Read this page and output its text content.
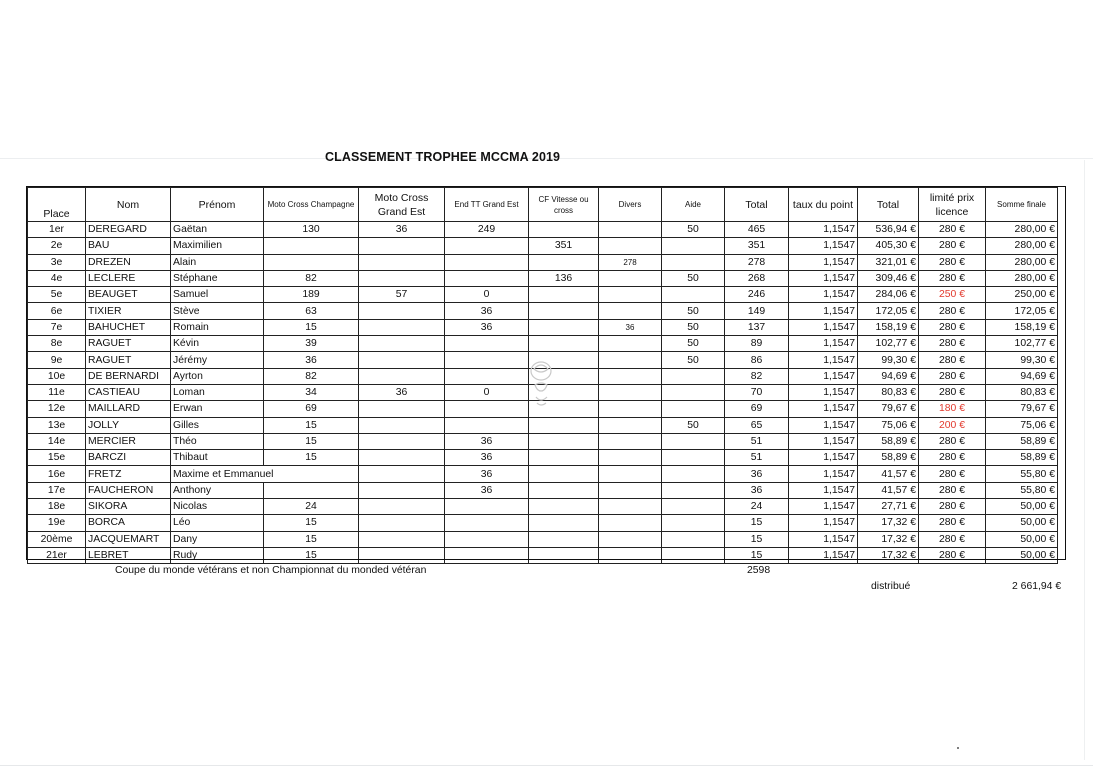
CLASSEMENT TROPHEE MCCMA 2019
Place	Nom	Prénom	Moto Cross Champagne	Moto Cross Grand Est	End TT Grand Est	CF Vitesse ou cross	Divers	Aide	Total	taux du point	Total	limité prix licence	Somme finale
1er	DEREGARD	Gaëtan	130	36	249			50	465	1,1547	536,94 €	280 €	280,00 €
2e	BAU	Maximilien				351			351	1,1547	405,30 €	280 €	280,00 €
3e	DREZEN	Alain					278		278	1,1547	321,01 €	280 €	280,00 €
4e	LECLERE	Stéphane	82			136		50	268	1,1547	309,46 €	280 €	280,00 €
5e	BEAUGET	Samuel	189	57	0				246	1,1547	284,06 €	250 €	250,00 €
6e	TIXIER	Stève	63		36			50	149	1,1547	172,05 €	280 €	172,05 €
7e	BAHUCHET	Romain	15		36		36	50	137	1,1547	158,19 €	280 €	158,19 €
8e	RAGUET	Kévin	39					50	89	1,1547	102,77 €	280 €	102,77 €
9e	RAGUET	Jérémy	36					50	86	1,1547	99,30 €	280 €	99,30 €
10e	DE BERNARDI	Ayrton	82						82	1,1547	94,69 €	280 €	94,69 €
11e	CASTIEAU	Loman	34	36	0				70	1,1547	80,83 €	280 €	80,83 €
12e	MAILLARD	Erwan	69						69	1,1547	79,67 €	180 €	79,67 €
13e	JOLLY	Gilles	15					50	65	1,1547	75,06 €	200 €	75,06 €
14e	MERCIER	Théo	15		36				51	1,1547	58,89 €	280 €	58,89 €
15e	BARCZI	Thibaut	15		36				51	1,1547	58,89 €	280 €	58,89 €
16e	FRETZ	Maxime et Emmanuel			36				36	1,1547	41,57 €	280 €	55,80 €
17e	FAUCHERON	Anthony			36				36	1,1547	41,57 €	280 €	55,80 €
18e	SIKORA	Nicolas	24						24	1,1547	27,71 €	280 €	50,00 €
19e	BORCA	Léo	15						15	1,1547	17,32 €	280 €	50,00 €
20ème	JACQUEMART	Dany	15						15	1,1547	17,32 €	280 €	50,00 €
21er	LEBRET	Rudy	15						15	1,1547	17,32 €	280 €	50,00 €
Coupe du monde vétérans et non Championnat du monded vétéran	2598
distribué	2 661,94 €
